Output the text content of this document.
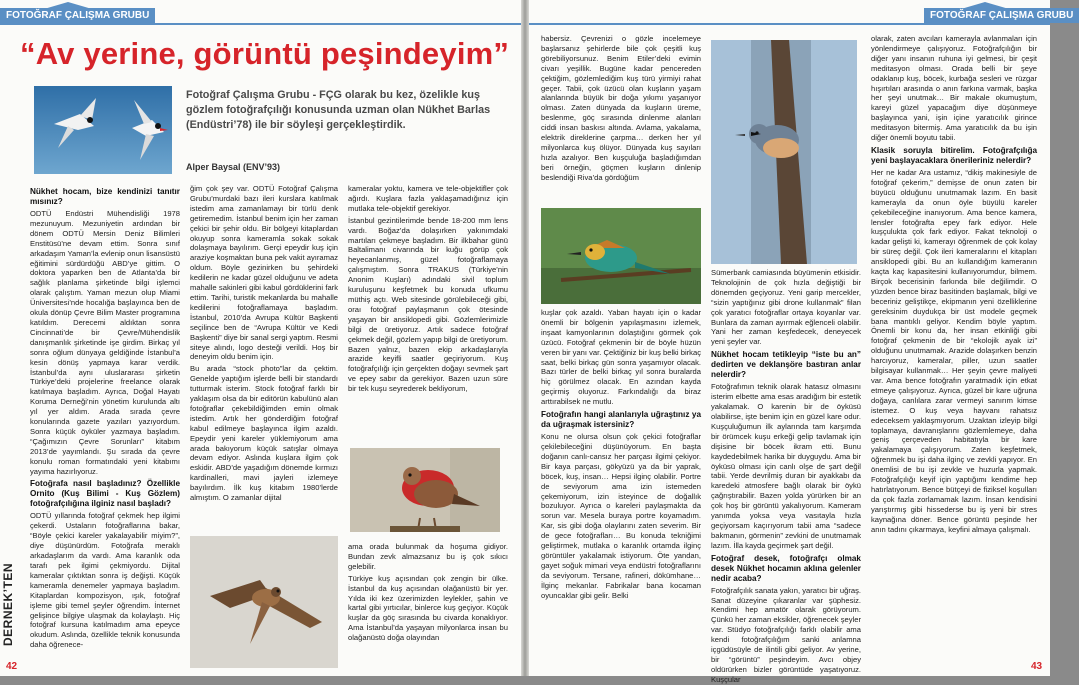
FOTOĞRAF ÇALIŞMA GRUBU
“Av yerine, görüntü peşindeyim”
Fotoğraf Çalışma Grubu - FÇG olarak bu kez, özelikle kuş gözlem fotoğrafçılığı konusunda uzman olan Nükhet Barlas (Endüstri’78) ile bir söyleşi gerçekleştirdik.
Alper Baysal (ENV’93)

Nükhet hocam, bize kendinizi tanıtır mısınız?

ODTÜ Endüstri Mühendisliği 1978 mezunuyum. Mezuniyetin ardından bir dönem ODTÜ Mersin Deniz Bilimleri Enstitüsü’ne devam ettim. Sonra sınıf arkadaşım Yaman’la evlenip onun lisansüstü eğitimini sürdürdüğü ABD’ye gittim. O doktora yaparken ben de Atlanta’da bir sağlık planlama şirketinde bilgi işlemci olarak çalıştım. Yaman mezun olup Miami Üniversitesi’nde hocalığa başlayınca ben de okula dönüp Çevre Bilim Master programına katıldım. Derecemi aldıktan sonra Cincinnati’de bir Çevre/Mühendislik danışmanlık şirketinde işe girdim. Birkaç yıl sonra oğlum dünyaya geldiğinde İstanbul’a kesin dönüş yapmaya karar verdik. İstanbul’da aynı uluslararası şirketin Türkiye’deki projelerine freelance olarak katılmaya başladım. Ayrıca, Doğal Hayatı Koruma Derneği’nin yönetim kurulunda altı yıl yer aldım. Arada sırada çevre konularında gazete yazıları yazıyordum. Sonra küçük öyküler yazmaya başladım. “Çağımızın Çevre Sorunları” kitabım 2013’de yayımlandı. Şu sırada da çevre konulu roman formatındaki yeni kitabımı yayıma hazırlıyoruz.

Fotoğrafa nasıl başladınız? Özellikle Ornito (Kuş Bilimi - Kuş Gözlem) fotoğrafçılığına ilginiz nasıl başladı?

ODTÜ yıllarında fotoğraf çekmek hep ilgimi çekerdi. Ustaların fotoğraflarına bakar, “Böyle çekici kareler yakalayabilir miyim?”, diye düşünürdüm. Fotoğrafa meraklı arkadaşlarım da vardı. Ama karanlık oda tarafı pek ilgimi çekmiyordu. Dijital kameralar çıktıktan sonra iş değişti. Küçük kameramla denemeler yapmaya başladım. Kitaplardan kompozisyon, ışık, fotoğraf işleme gibi temel şeyler öğrendim. İnternet gelişince bilgiye ulaşmak da kolaylaştı. Hiç fotoğraf kursuna katılmadım ama epeyce okudum. Aslında, özellikle teknik konusunda daha öğrenece-

ğim çok şey var. ODTÜ Fotoğraf Çalışma Grubu’murdaki bazı ileri kurslara katılmak istedim ama zamanlamayı bir türlü denk getiremedim. İstanbul benim için her zaman çekici bir şehir oldu. Bir bölgeyi kitaplardan okuyup sonra kameramla sokak sokak dolaşmaya bayılırım. Gerçi epeydir kuş için araziye koşmaktan buna pek vakit ayıramaz oldum. Böyle gezinirken bu şehirdeki kedilerin ne kadar güzel olduğunu ve adeta mahalle sakinleri gibi kabul gördüklerini fark ettim. Tarihi, turistik mekanlarda bu mahalle kedilerini fotoğraflamaya başladım. İstanbul, 2010’da Avrupa Kültür Başkenti seçilince ben de “Avrupa Kültür ve Kedi Başkenti” diye bir sanal sergi yaptım. Resmi siteye alındı, logo desteği verildi. Hoş bir deneyim oldu benim için.

Bu arada “stock photo”lar da çektim. Genelde yaptığım işlerde belli bir standardı tutturmak isterim. Stock fotoğraf farklı bir yaklaşım olsa da bir editörün kabulünü alan fotoğraflar çekebildiğimden emin olmak istedim. Artık her gönderdiğim fotoğraf kabul edilmeye başlayınca ilgim azaldı. Epeydir yeni kareler yüklemiyorum ama arada bakıyorum küçük satışlar olmaya devam ediyor. Aslında kuşlara ilgim çok eskidir. ABD’de yaşadığım dönemde kırmızı kardinalleri, mavi jayleri izlemeye bayılırdım. İlk kuş kitabım 1980’lerde almıştım. O zamanlar dijital

kameralar yoktu, kamera ve tele-objektifler çok ağırdı. Kuşlara fazla yaklaşamadığınız için mutlaka tele-objektif gerekiyor.

İstanbul gezintilerimde bende 18-200 mm lens vardı. Boğaz’da dolaşırken yakınımdaki martıları çekmeye başladım. Bir ilkbahar günü Baltalimanı civarında bir kuğu görüp çok heyecanlanmış, güzel fotoğraflamaya çalışmıştım. Sonra TRAKUS (Türkiye’nin Anonim Kuşları) adındaki sivil toplum kuruluşunu keşfetmek bu konuda ufkumu müthiş açtı. Web sitesinde görülebileceği gibi, oraı fotoğraf paylaşmanın çok ötesinde yaşayan bir ansiklopedi gibi. Gözlemlerimizle bilgi de üretiyoruz. Artık sadece fotoğraf çekmek değil, gözlem yapıp bilgi de üretiyorum. Bazen yalnız, bazen ekip arkadaşlarıyla arazide keyifli saatler geçiriyorum. Kuş fotoğrafçılığı için gerçekten doğayı sevmek şart ve epey sabır da gerekiyor. Bazen uzun süre bir tek kuşu seyrederek bekliyorum,

ama orada bulunmak da hoşuma gidiyor. Bundan zevk almazsanız bu iş çok sıkıcı gelebilir.

Türkiye kuş açısından çok zengin bir ülke. İstanbul da kuş açısından olağanüstü bir yer. Yılda iki kez üzerimizden leylekler, şahin ve kartal gibi yırtıcılar, binlerce kuş geçiyor. Küçük kuşlar da göç sırasında bu civarda konaklıyor. Ama İstanbul’da yaşayan milyonlarca insan bu olağanüstü doğa olayından

DERNEK’TEN
42
FOTOĞRAF ÇALIŞMA GRUBU

habersiz. Çevrenizi o gözle incelemeye başlarsanız şehirlerde bile çok çeşitli kuş görebiliyorsunuz. Benim Etiler’deki evimin civarı yeşillik. Bugüne kadar pencereden çektiğim, gözlemlediğim kuş türü yirmiyi rahat geçer. Tabii, çok üzücü olan kuşların yaşam alanlarında büyük bir doğa yıkımı yaşanıyor olması. Zaten dünyada da kuşların üreme, beslenme, göç sırasında dinlenme alanları ciddi insan baskısı altında. Avlama, yakalama, elektrik direklerine çarpma… derken her yıl milyonlarca kuş ölüyor. Dünyada kuş sayıları hızla azalıyor. Ben kuşçuluğa başladığımdan beri örneğin, göçmen kuşların dinlenip beslendiği Riva’da gördüğüm

kuşlar çok azaldı. Yaban hayatı için o kadar önemli bir bölgenin yapılaşmasını izlemek, inşaat kamyonlarının dolaştığını görmek çok üzücü. Fotoğraf çekmenin bir de böyle hüzün veren bir yanı var. Çektiğiniz bir kuş belki birkaç saat, belki birkaç gün sonra yaşamıyor olacak. Bazı türler de belki birkaç yıl sonra buralarda hiç görülmez olacak. En azından kayda geçirmiş oluyoruz. Farkındalığı da biraz arttırabilsek ne mutlu.

Fotoğrafın hangi alanlarıyla uğraştınız ya da uğraşmak istersiniz?

Konu ne olursa olsun çok çekici fotoğraflar çekilebileceğini düşünüyorum. En başta doğanın canlı-cansız her parçası ilgimi çekiyor. Bir kaya parçası, gökyüzü ya da bir yaprak, böcek, kuş, insan… Hepsi ilginç olabilir. Portre de seviyorum ama izin istemeden çekemiyorum, izin isteyince de doğallık bozuluyor. Ayrıca o kareleri paylaşmakta da sorun var. Mesela buraya portre koyamadım. Kar, sis gibi doğa olaylarını zaten severim. Bir de gece fotoğrafları… Bu konuda tekniğimi geliştirmek, mutlaka o karanlık ortamda ilginç görüntüler yakalamak istiyorum. Öte yandan, gayet soğuk mimari veya endüstri fotoğraflarını da seviyorum. Tersane, rafineri, dökümhane… İlginç mekanlar. Fabrikalar bana kocaman oyuncaklar gibi gelir. Belki

Sümerbank camiasında büyümenin etkisidir. Teknolojinin de çok hızla değiştiği bir dönemden geçiyoruz. Yeni garip mercekler, “sizin yaptığınız gibi drone kullanmak” filan çok yaratıcı fotoğraflar ortaya koyanlar var. Bunlara da zaman ayırmak eğlenceli olabilir. Yani her zaman keşfedecek, deneyecek yeni şeyler var.

Nükhet hocam tetikleyip “iste bu an” dedirten ve deklanşöre bastıran anlar nelerdir?

Fotoğrafımın teknik olarak hatasız olmasını isterim elbette ama esas aradığım bir estetik yakalamak. O karenin bir de öyküsü olabilirse, işte benim için en güzel kare odur. Kuşçuluğumun ilk aylarında tam karşımda bir örümcek kuşu erkeği gelip tavlamak için dişisine bir böcek ikram etti. Bunu kaydedebilmek harika bir duyguydu. Ama bir öyküsü olması için canlı olşe de şart değil tabii. Yerde devrilmiş duran bir ayakkabı da karedeki atmosfere bağlı olarak bir öykü çağrıştırabilir. Bazen yolda yürürken bir an çok hoş bir görüntü yakalıyorum. Kameram yanımda yoksa veya vasıtayla hızla geçiyorsam kaçırıyorum tabii ama “sadece bakmanın, görmenin” zevkini de unutmamak lazım. İlla kayda geçirmek şart değil.

Fotoğraf desek, fotoğrafçı olmak desek Nükhet hocamın aklına gelenler nedir acaba?

Fotoğrafçılık sanata yakın, yaratıcı bir uğraş. Sanat düzeyine çıkaranlar var şüphesiz. Kendimi hep amatör olarak görüyorum. Çünkü her zaman eksikler, öğrenecek şeyler var. Stüdyo fotoğrafçılığı farklı olabilir ama kendi fotoğrafçılığım sanki anlamna içgüdüsüyle de ilintili gibi geliyor. Av yerine, bir “görüntü” peşindeyim. Avcı objey oldürürken bizler görüntüde yaşatıyoruz. Kuşçular

olarak, zaten avcıları kamerayla avlanmaları için yönlendirmeye çalışıyoruz. Fotoğrafçılığın bir diğer yanı insanın ruhuna iyi gelmesi, bir çeşit meditasyon olması. Orada belli bir şeye odaklanıp kuş, böcek, kurbağa sesleri ve rüzgar hışırtıları arasında o anın farkına varmak, başka her şeyi unutmak… Bir makale okumuştum, kareyi güzel yapacağım diye düşünmeye başlayınca yani, işin içine yaratıcılık girince meditasyon bitermiş. Ama yaratıcılık da bu işin diğer önemli boyutu tabii.

Klasik soruyla bitirelim. Fotoğrafçılığa yeni başlayacaklara önerileriniz nelerdir?

Her ne kadar Ara ustamız, “dikiş makinesiyle de fotoğraf çekerim,” demişse de onun zaten bir büyücü olduğunu unutmamak lazım. En basit kamerayla da onun öyle büyülü kareler çekebileceğine inanıyorum. Ama bence kamera, lensler fotoğrafta epey fark ediyor. Hele kuşçulukta çok fark ediyor. Fakat teknoloji o kadar gelişti ki, kamerayı öğrenmek de çok kolay bir süreç değil. Çok ileri kameralarını el kitapları ansiklopedi gibi. Bu an kullandığım kameranın kaçta kaç kapasitesini kullanıyorumdur, bilmem. Birçok becerisinin farkında bile değilimdir. O yüzden bence biraz basitinden başlamak, bilgi ve beceriniz geliştikçe, ekipmanın yeni özelliklerine gereksinim duydukça bir üst modele geçmek bana mantıklı geliyor. Kendim böyle yaptım. Önemli bir konu da, her insan etkinliği gibi fotoğraf çekmenin de bir “ekolojik ayak izi” olduğunu unutmamak. Arazide dolaşırken benzin harcıyoruz, kameralar, piller, uzun saatler bilgisayar kullanmak… Her şeyin çevre maliyeti var. Ama bence fotoğrafın yaratmadık için etkat etmeye çalışıyoruz. Ayrıca, güzel bir kare uğruna doğaya, canlılara zarar vermeyi sanırım kimse istemez. O kuş veya hayvanı rahatsız edeceksem yaklaşmıyorum. Uzaktan izleyip bilgi toplamaya, davranışlarını gözlemlemeye, daha geniş çerçeveden habitatıyla bir kare yakalamaya çalışıyorum. Zaten keşfetmek, öğrenmek bu işi daha ilginç ve zevkli yapıyor. En önemlisi de bu işi zevkle ve huzurla yapmak. Fotoğrafçılığı keyif için yaptığımı kendime hep hatırlatıyorum. Bence bütçeyi de fiziksel koşulları da çok fazla zorlamamak lazım. İnsan kendisini yarıştırmış gibi hissederse bu iş yeni bir stres kaynağına döner. Bence görüntü peşinde her anın tadını çıkarmaya, keyfini almaya çalışmalı.

43
